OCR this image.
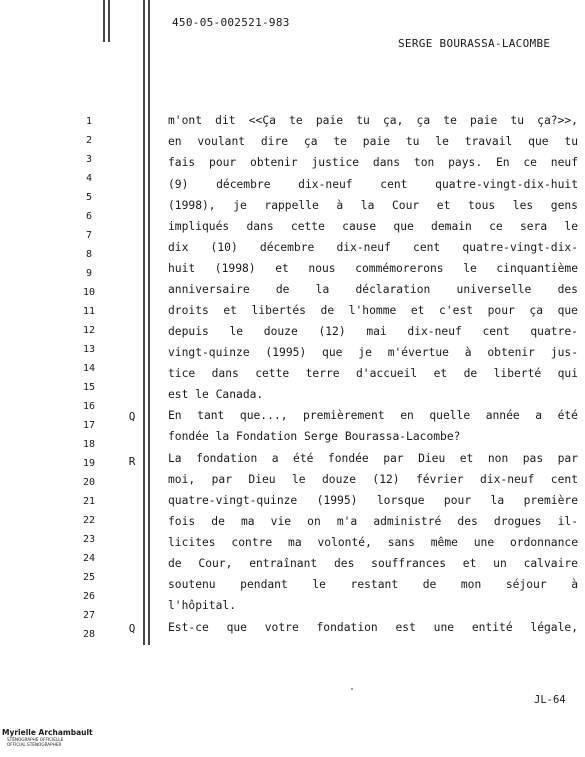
450-05-002521-983
SERGE BOURASSA-LACOMBE
1
2
3
4
5
6
7
8
9
10
11
12
13
14
15
16
17
18
19
20
21
22
23
24
25
26
27
28
Q
R
Q
m'ont dit <<Ça te paie tu ça, ça te paie tu ça?>>,
en voulant dire ça te paie tu le travail que tu
fais pour obtenir justice dans ton pays. En ce neuf
(9) décembre dix-neuf cent quatre-vingt-dix-huit
(1998), je rappelle à la Cour et tous les gens
impliqués dans cette cause que demain ce sera le
dix (10) décembre dix-neuf cent quatre-vingt-dix-
huit (1998) et nous commémorerons le cinquantième
anniversaire de la déclaration universelle des
droits et libertés de l'homme et c'est pour ça que
depuis le douze (12) mai dix-neuf cent quatre-
vingt-quinze (1995) que je m'évertue à obtenir jus-
tice dans cette terre d'accueil et de liberté qui
est le Canada.
En tant que..., premièrement en quelle année a été
fondée la Fondation Serge Bourassa-Lacombe?
La fondation a été fondée par Dieu et non pas par
moi, par Dieu le douze (12) février dix-neuf cent
quatre-vingt-quinze (1995) lorsque pour la première
fois de ma vie on m'a administré des drogues il-
licites contre ma volonté, sans même une ordonnance
de Cour, entraînant des souffrances et un calvaire
soutenu pendant le restant de mon séjour à
l'hôpital.
Est-ce que votre fondation est une entité légale,
JL-64
Myrielle Archambault
STÉNOGRAPHE OFFICIELLE
OFFICIAL STENOGRAPHER
